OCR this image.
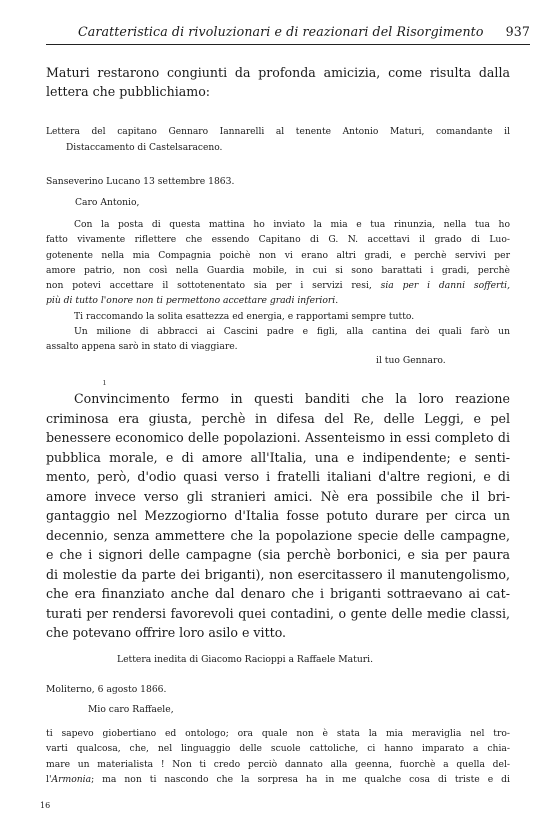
Caratteristica di rivoluzionari e di reazionari del Risorgimento 937
Maturi restarono congiunti da profonda amicizia, come risulta dalla
lettera che pubblichiamo:
Lettera del capitano Gennaro Iannarelli al tenente Antonio Maturi, comandante il
Distaccamento di Castelsaraceno.
Sanseverino Lucano 13 settembre 1863.
Caro Antonio,
Con la posta di questa mattina ho inviato la mia e tua rinunzia, nella tua ho
fatto vivamente riflettere che essendo Capitano di G. N. accettavi il grado di Luo-
gotenente nella mia Compagnia poichè non vi erano altri gradi, e perchè servivi per
amore patrio, non così nella Guardia mobile, in cui si sono barattati i gradi, perchè
non potevi accettare il sottotenentato sia per i servizi resi, sia per i danni sofferti,
più di tutto l'onore non ti permettono accettare gradi inferiori.
Ti raccomando la solita esattezza ed energia, e rapportami sempre tutto.
Un milione di abbracci ai Cascini padre e figli, alla cantina dei quali farò un
assalto appena sarò in stato di viaggiare.
il tuo Gennaro.
ı
Convincimento fermo in questi banditi che la loro reazione
criminosa era giusta, perchè in difesa del Re, delle Leggi, e pel
benessere economico delle popolazioni. Assenteismo in essi completo di
pubblica morale, e di amore all'Italia, una e indipendente; e senti-
mento, però, d'odio quasi verso i fratelli italiani d'altre regioni, e di
amore invece verso gli stranieri amici. Nè era possibile che il bri-
gantaggio nel Mezzogiorno d'Italia fosse potuto durare per circa un
decennio, senza ammettere che la popolazione specie delle campagne,
e che i signori delle campagne (sia perchè borbonici, e sia per paura
di molestie da parte dei briganti), non esercitassero il manutengolismo,
che era finanziato anche dal denaro che i briganti sottraevano ai cat-
turati per rendersi favorevoli quei contadini, o gente delle medie classi,
che potevano offrire loro asilo e vitto.
Lettera inedita di Giacomo Racioppi a Raffaele Maturi.
Moliterno, 6 agosto 1866.
Mio caro Raffaele,
ti sapevo giobertiano ed ontologo; ora quale non è stata la mia meraviglia nel tro-
varti qualcosa, che, nel linguaggio delle scuole cattoliche, ci hanno imparato a chia-
mare un materialista ! Non ti credo perciò dannato alla geenna, fuorchè a quella del-
l'Armonia; ma non ti nascondo che la sorpresa ha in me qualche cosa di triste e di
16
